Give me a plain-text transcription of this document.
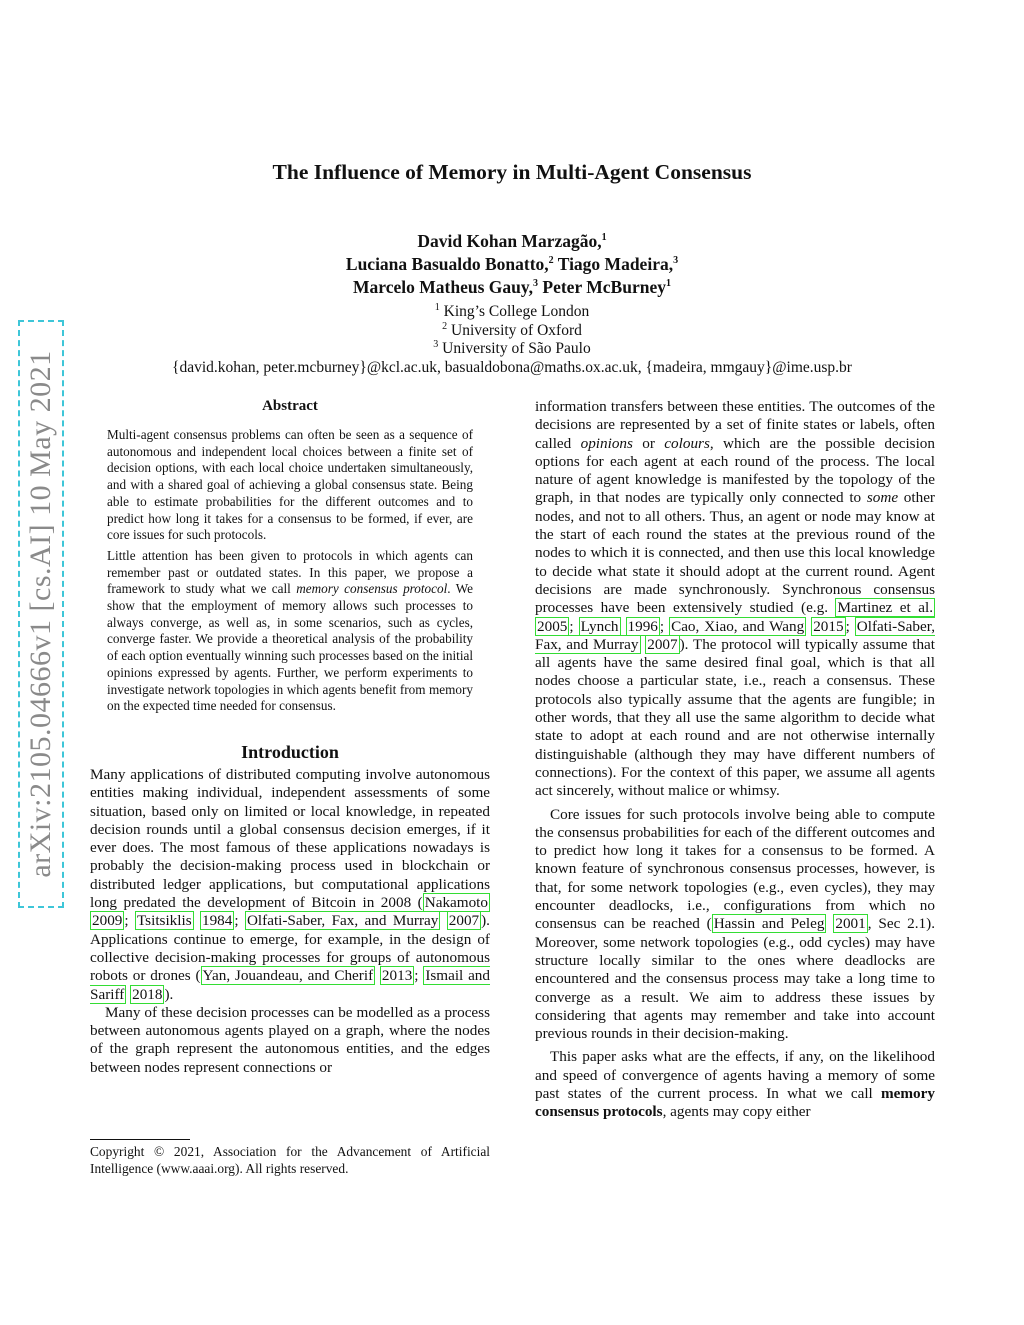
arXiv:2105.04666v1 [cs.AI] 10 May 2021
The Influence of Memory in Multi-Agent Consensus
David Kohan Marzagão,$^1$
Luciana Basualdo Bonatto,$^2$ Tiago Madeira,$^3$
Marcelo Matheus Gauy,$^3$ Peter McBurney$^1$
$^1$ King’s College London
$^2$ University of Oxford
$^3$ University of São Paulo
{david.kohan, peter.mcburney}@kcl.ac.uk, basualdobona@maths.ox.ac.uk, {madeira, mmgauy}@ime.usp.br
Abstract

Multi-agent consensus problems can often be seen as a sequence of autonomous and independent local choices between a finite set of decision options, with each local choice undertaken simultaneously, and with a shared goal of achieving a global consensus state. Being able to estimate probabilities for the different outcomes and to predict how long it takes for a consensus to be formed, if ever, are core issues for such protocols.

Little attention has been given to protocols in which agents can remember past or outdated states. In this paper, we propose a framework to study what we call memory consensus protocol. We show that the employment of memory allows such processes to always converge, as well as, in some scenarios, such as cycles, converge faster. We provide a theoretical analysis of the probability of each option eventually winning such processes based on the initial opinions expressed by agents. Further, we perform experiments to investigate network topologies in which agents benefit from memory on the expected time needed for consensus.

Introduction

Many applications of distributed computing involve autonomous entities making individual, independent assessments of some situation, based only on limited or local knowledge, in repeated decision rounds until a global consensus decision emerges, if it ever does. The most famous of these applications nowadays is probably the decision-making process used in blockchain or distributed ledger applications, but computational applications long predated the development of Bitcoin in 2008 ( Nakamoto 2009 ; Tsitsiklis 1984 ; Olfati-Saber, Fax, and Murray 2007 ). Applications continue to emerge, for example, in the design of collective decision-making processes for groups of autonomous robots or drones ( Yan, Jouandeau, and Cherif 2013 ; Ismail and Sariff 2018 ).

Many of these decision processes can be modelled as a process between autonomous agents played on a graph, where the nodes of the graph represent the autonomous entities, and the edges between nodes represent connections or

information transfers between these entities. The outcomes of the decisions are represented by a set of finite states or labels, often called opinions or colours, which are the possible decision options for each agent at each round of the process. The local nature of agent knowledge is manifested by the topology of the graph, in that nodes are typically only connected to some other nodes, and not to all others. Thus, an agent or node may know at the start of each round the states at the previous round of the nodes to which it is connected, and then use this local knowledge to decide what state it should adopt at the current round. Agent decisions are made synchronously. Synchronous consensus processes have been extensively studied (e.g. Martinez et al. 2005 ; Lynch 1996 ; Cao, Xiao, and Wang 2015 ; Olfati-Saber, Fax, and Murray 2007 ). The protocol will typically assume that all agents have the same desired final goal, which is that all nodes choose a particular state, i.e., reach a consensus. These protocols also typically assume that the agents are fungible; in other words, that they all use the same algorithm to decide what state to adopt at each round and are not otherwise internally distinguishable (although they may have different numbers of connections). For the context of this paper, we assume all agents act sincerely, without malice or whimsy.

Core issues for such protocols involve being able to compute the consensus probabilities for each of the different outcomes and to predict how long it takes for a consensus to be formed. A known feature of synchronous consensus processes, however, is that, for some network topologies (e.g., even cycles), they may encounter deadlocks, i.e., configurations from which no consensus can be reached ( Hassin and Peleg 2001 , Sec 2.1). Moreover, some network topologies (e.g., odd cycles) may have structure locally similar to the ones where deadlocks are encountered and the consensus process may take a long time to converge as a result. We aim to address these issues by considering that agents may remember and take into account previous rounds in their decision-making.

This paper asks what are the effects, if any, on the likelihood and speed of convergence of agents having a memory of some past states of the current process. In what we call memory consensus protocols, agents may copy either

Copyright © 2021, Association for the Advancement of Artificial Intelligence (www.aaai.org). All rights reserved.
